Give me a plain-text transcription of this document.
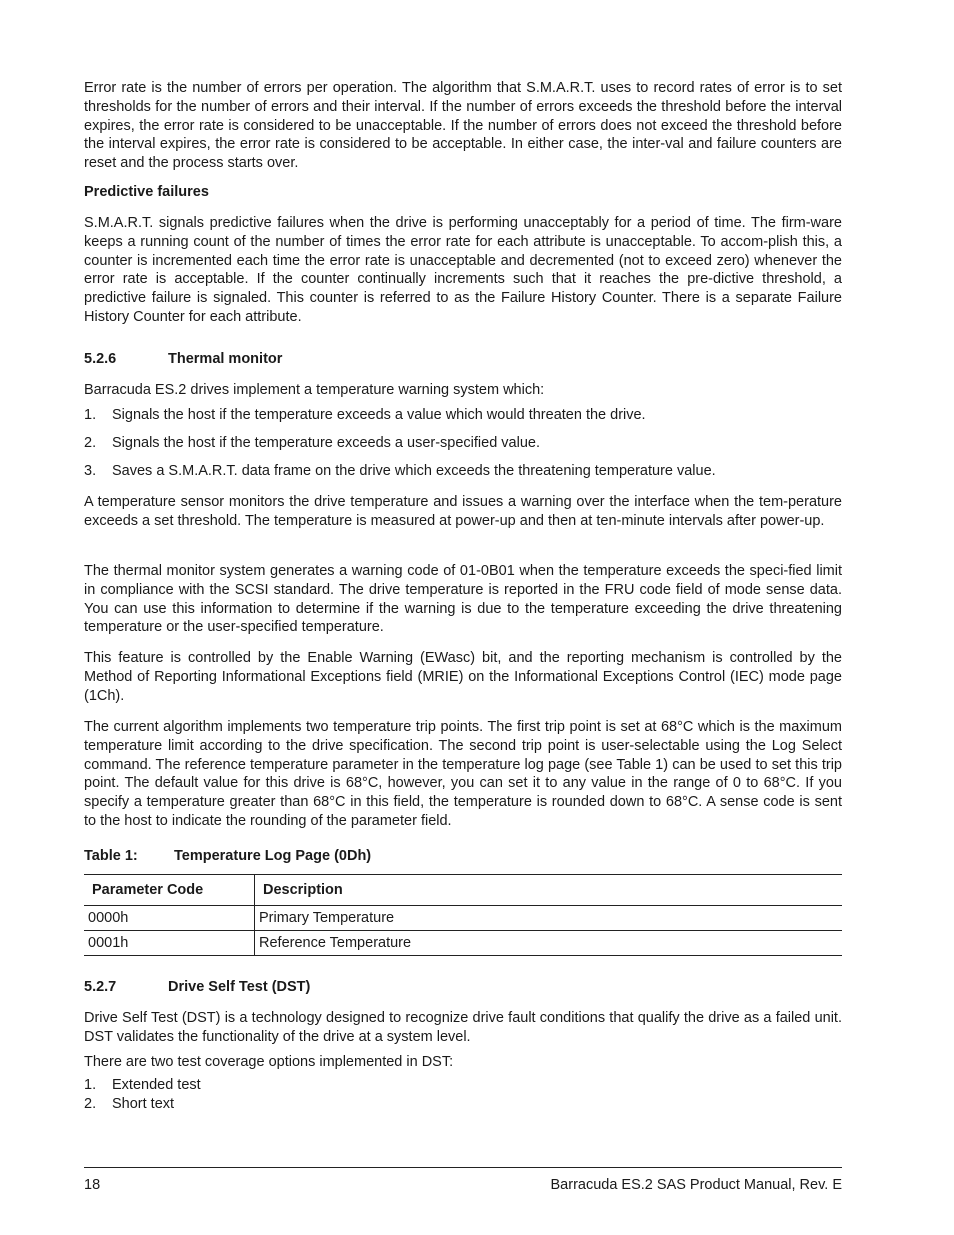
Error rate is the number of errors per operation. The algorithm that S.M.A.R.T. uses to record rates of error is to set thresholds for the number of errors and their interval. If the number of errors exceeds the threshold before the interval expires, the error rate is considered to be unacceptable. If the number of errors does not exceed the threshold before the interval expires, the error rate is considered to be acceptable. In either case, the inter-val and failure counters are reset and the process starts over.

Predictive failures

S.M.A.R.T. signals predictive failures when the drive is performing unacceptably for a period of time. The firm-ware keeps a running count of the number of times the error rate for each attribute is unacceptable. To accom-plish this, a counter is incremented each time the error rate is unacceptable and decremented (not to exceed zero) whenever the error rate is acceptable. If the counter continually increments such that it reaches the pre-dictive threshold, a predictive failure is signaled. This counter is referred to as the Failure History Counter. There is a separate Failure History Counter for each attribute.

5.2.6	Thermal monitor

Barracuda ES.2 drives implement a temperature warning system which:

1. Signals the host if the temperature exceeds a value which would threaten the drive.
2. Signals the host if the temperature exceeds a user-specified value.
3. Saves a S.M.A.R.T. data frame on the drive which exceeds the threatening temperature value.

A temperature sensor monitors the drive temperature and issues a warning over the interface when the tem-perature exceeds a set threshold. The temperature is measured at power-up and then at ten-minute intervals after power-up.

The thermal monitor system generates a warning code of 01-0B01 when the temperature exceeds the speci-fied limit in compliance with the SCSI standard. The drive temperature is reported in the FRU code field of mode sense data. You can use this information to determine if the warning is due to the temperature exceeding the drive threatening temperature or the user-specified temperature.

This feature is controlled by the Enable Warning (EWasc) bit, and the reporting mechanism is controlled by the Method of Reporting Informational Exceptions field (MRIE) on the Informational Exceptions Control (IEC) mode page (1Ch).

The current algorithm implements two temperature trip points. The first trip point is set at 68°C which is the maximum temperature limit according to the drive specification. The second trip point is user-selectable using the Log Select command. The reference temperature parameter in the temperature log page (see Table 1) can be used to set this trip point. The default value for this drive is 68°C, however, you can set it to any value in the range of 0 to 68°C. If you specify a temperature greater than 68°C in this field, the temperature is rounded down to 68°C. A sense code is sent to the host to indicate the rounding of the parameter field.

Table 1:	Temperature Log Page (0Dh)
Parameter Code	Description
0000h	Primary Temperature
0001h	Reference Temperature
5.2.7	Drive Self Test (DST)

Drive Self Test (DST) is a technology designed to recognize drive fault conditions that qualify the drive as a failed unit. DST validates the functionality of the drive at a system level.

There are two test coverage options implemented in DST:

1. Extended test
2. Short text
18	Barracuda ES.2 SAS Product Manual, Rev. E
